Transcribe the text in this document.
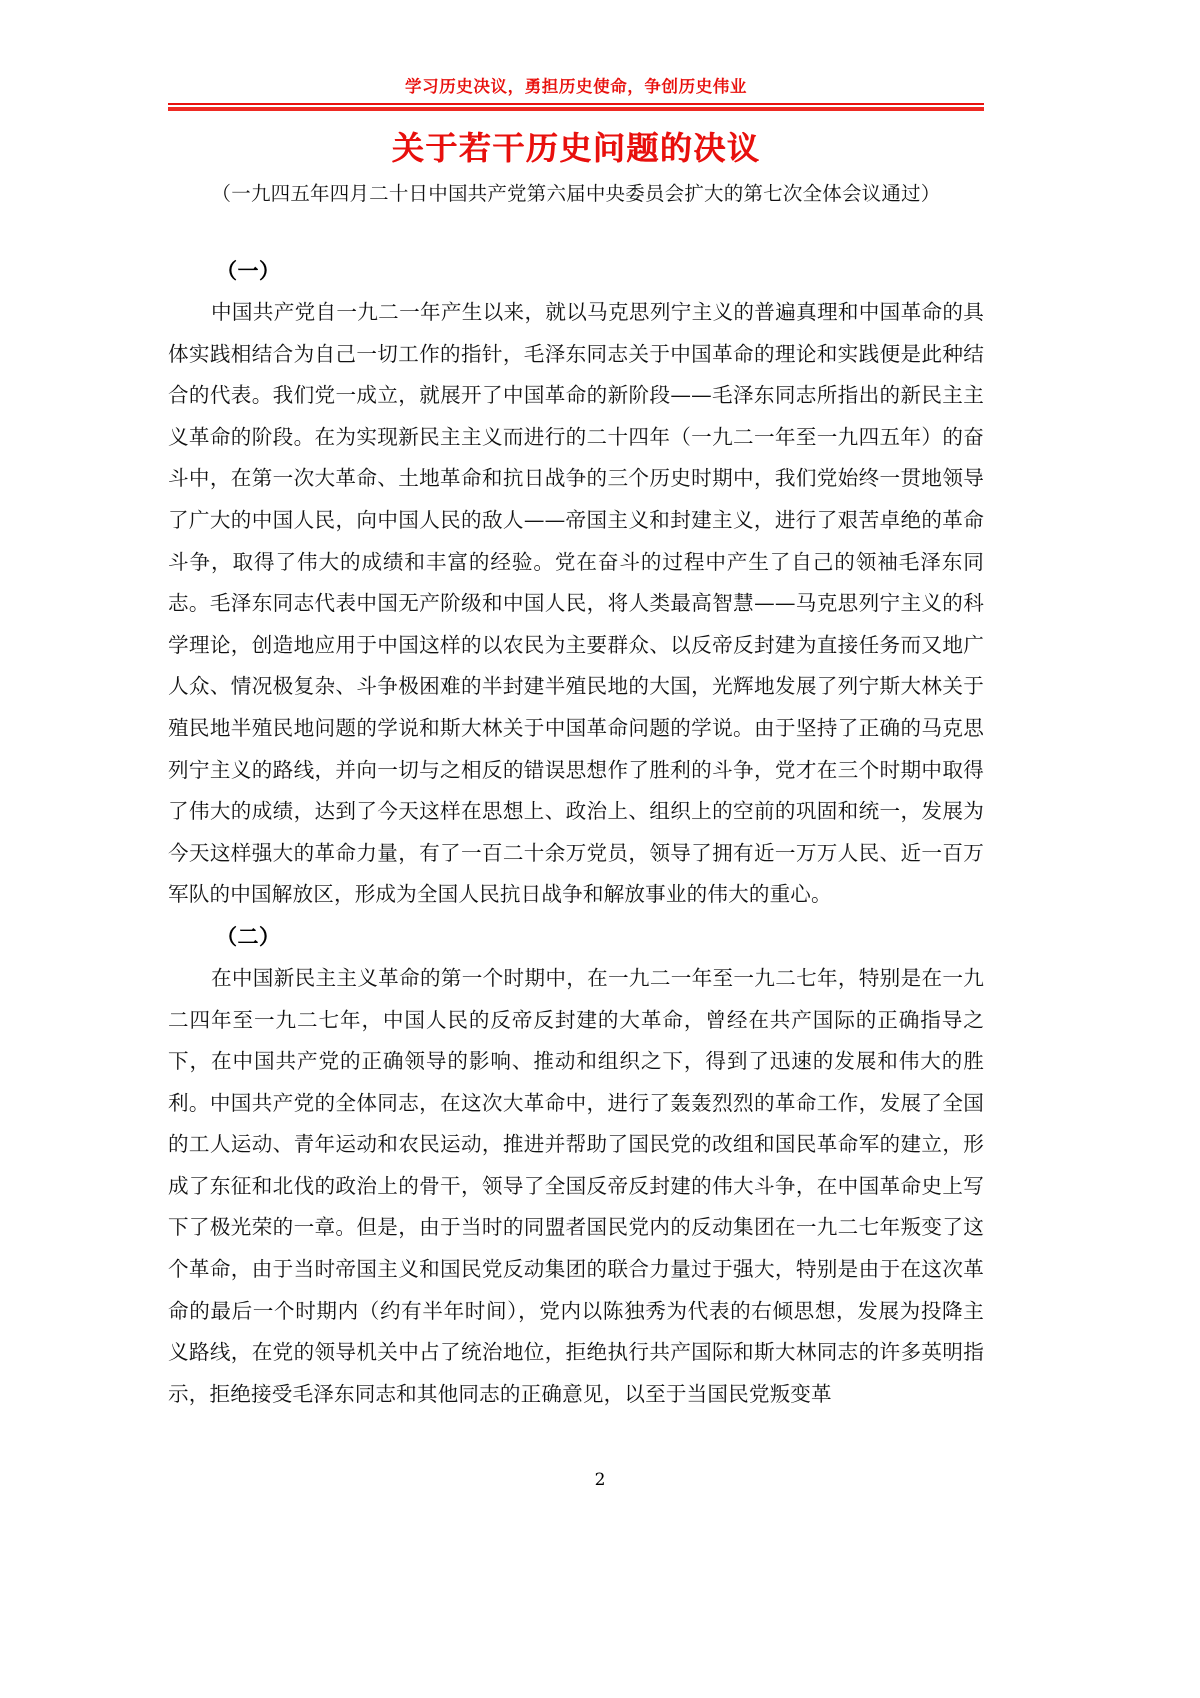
学习历史决议，勇担历史使命，争创历史伟业
关于若干历史问题的决议
（一九四五年四月二十日中国共产党第六届中央委员会扩大的第七次全体会议通过）
（一）

中国共产党自一九二一年产生以来，就以马克思列宁主义的普遍真理和中国革命的具体实践相结合为自己一切工作的指针，毛泽东同志关于中国革命的理论和实践便是此种结合的代表。我们党一成立，就展开了中国革命的新阶段——毛泽东同志所指出的新民主主义革命的阶段。在为实现新民主主义而进行的二十四年（一九二一年至一九四五年）的奋斗中，在第一次大革命、土地革命和抗日战争的三个历史时期中，我们党始终一贯地领导了广大的中国人民，向中国人民的敌人——帝国主义和封建主义，进行了艰苦卓绝的革命斗争，取得了伟大的成绩和丰富的经验。党在奋斗的过程中产生了自己的领袖毛泽东同志。毛泽东同志代表中国无产阶级和中国人民，将人类最高智慧——马克思列宁主义的科学理论，创造地应用于中国这样的以农民为主要群众、以反帝反封建为直接任务而又地广人众、情况极复杂、斗争极困难的半封建半殖民地的大国，光辉地发展了列宁斯大林关于殖民地半殖民地问题的学说和斯大林关于中国革命问题的学说。由于坚持了正确的马克思列宁主义的路线，并向一切与之相反的错误思想作了胜利的斗争，党才在三个时期中取得了伟大的成绩，达到了今天这样在思想上、政治上、组织上的空前的巩固和统一，发展为今天这样强大的革命力量，有了一百二十余万党员，领导了拥有近一万万人民、近一百万军队的中国解放区，形成为全国人民抗日战争和解放事业的伟大的重心。

（二）

在中国新民主主义革命的第一个时期中，在一九二一年至一九二七年，特别是在一九二四年至一九二七年，中国人民的反帝反封建的大革命，曾经在共产国际的正确指导之下，在中国共产党的正确领导的影响、推动和组织之下，得到了迅速的发展和伟大的胜利。中国共产党的全体同志，在这次大革命中，进行了轰轰烈烈的革命工作，发展了全国的工人运动、青年运动和农民运动，推进并帮助了国民党的改组和国民革命军的建立，形成了东征和北伐的政治上的骨干，领导了全国反帝反封建的伟大斗争，在中国革命史上写下了极光荣的一章。但是，由于当时的同盟者国民党内的反动集团在一九二七年叛变了这个革命，由于当时帝国主义和国民党反动集团的联合力量过于强大，特别是由于在这次革命的最后一个时期内（约有半年时间），党内以陈独秀为代表的右倾思想，发展为投降主义路线，在党的领导机关中占了统治地位，拒绝执行共产国际和斯大林同志的许多英明指示，拒绝接受毛泽东同志和其他同志的正确意见，以至于当国民党叛变革

2
